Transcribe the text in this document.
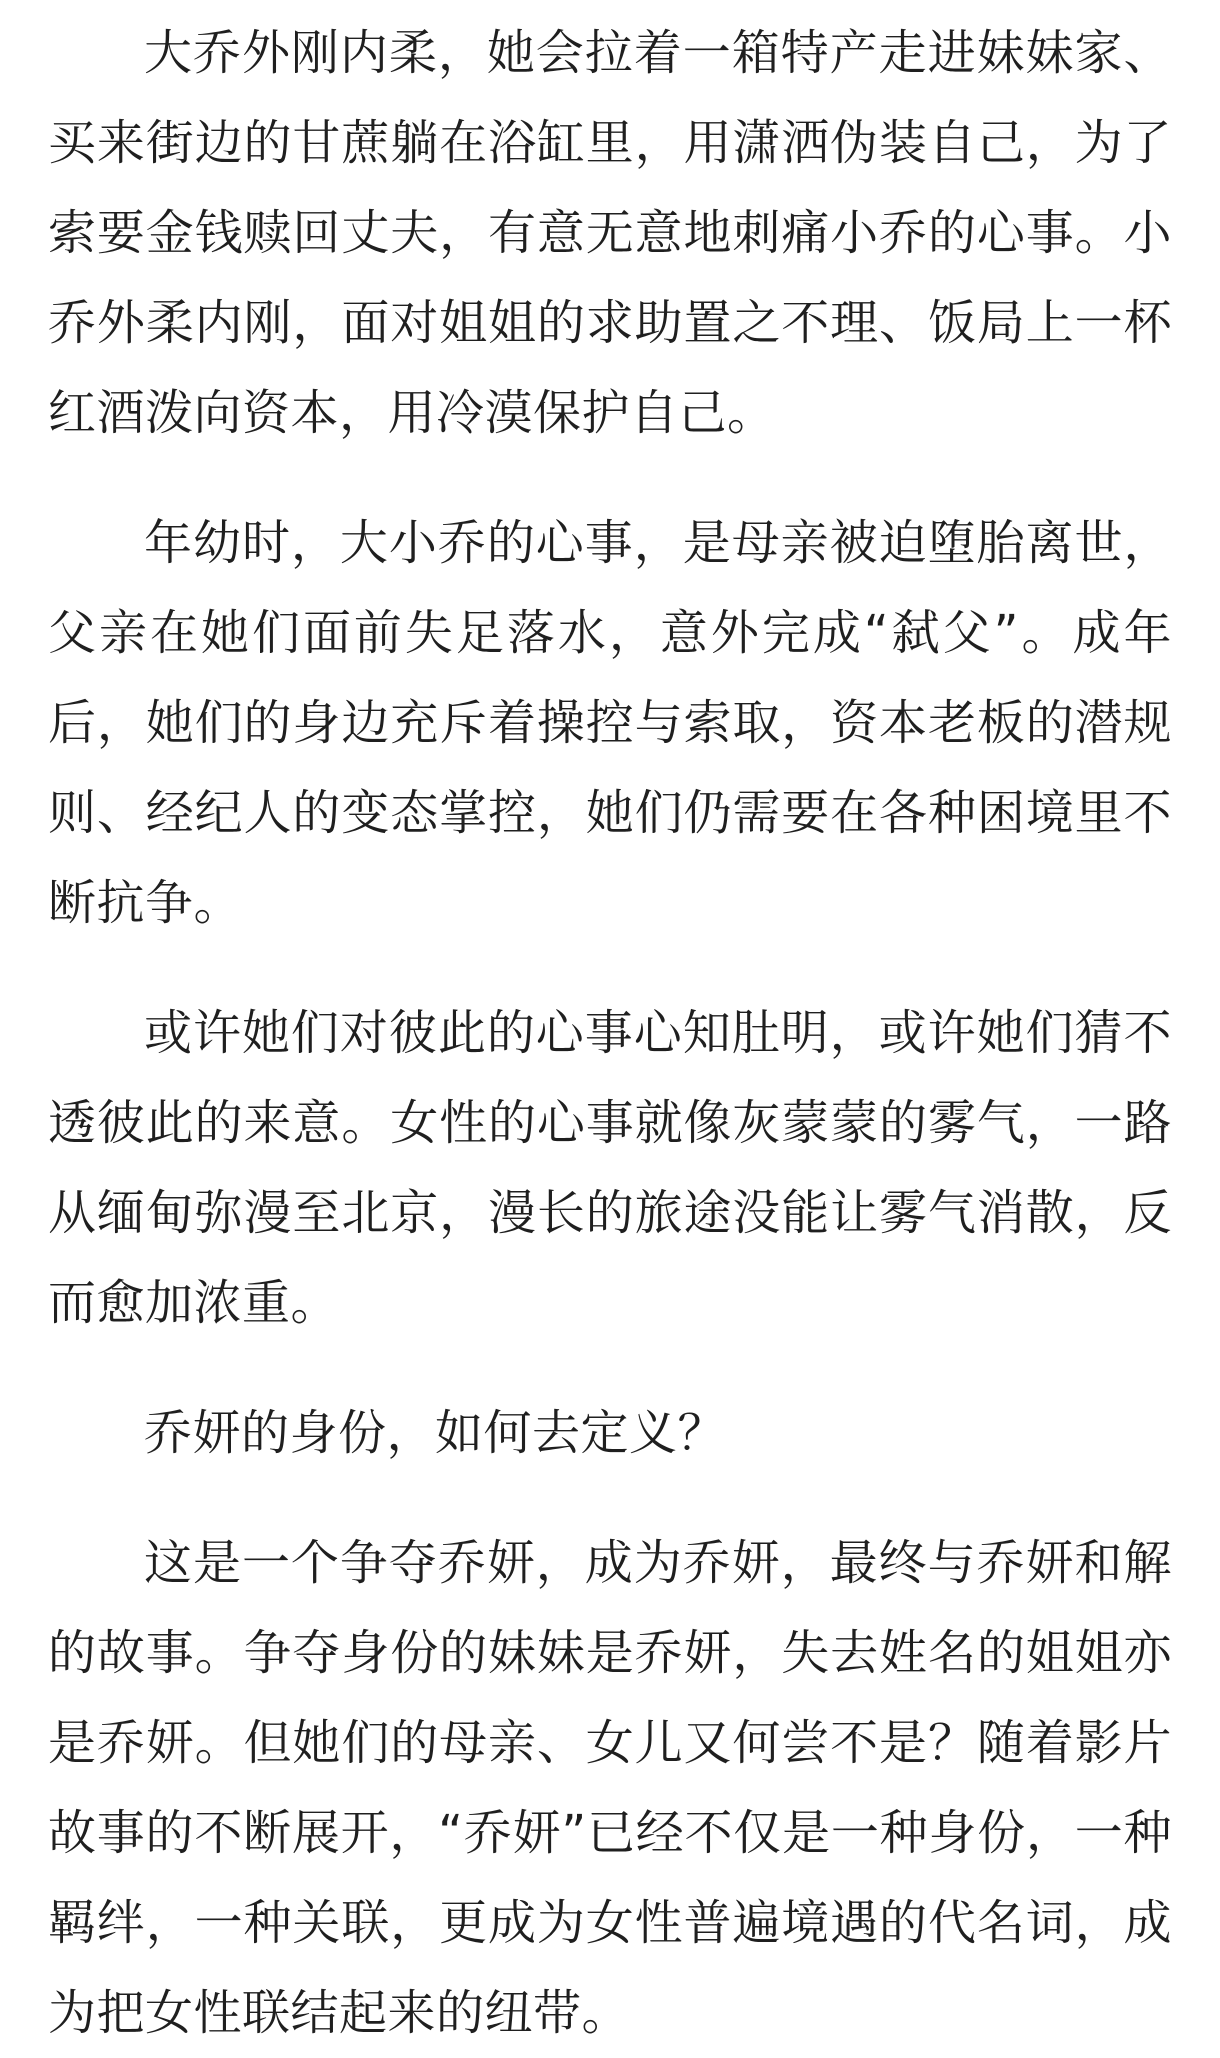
大乔外刚内柔，她会拉着一箱特产走进妹妹家、买来街边的甘蔗躺在浴缸里，用潇洒伪装自己，为了索要金钱赎回丈夫，有意无意地刺痛小乔的心事。小乔外柔内刚，面对姐姐的求助置之不理、饭局上一杯红酒泼向资本，用冷漠保护自己。

年幼时，大小乔的心事，是母亲被迫堕胎离世，父亲在她们面前失足落水，意外完成“弑父”。成年后，她们的身边充斥着操控与索取，资本老板的潜规则、经纪人的变态掌控，她们仍需要在各种困境里不断抗争。

或许她们对彼此的心事心知肚明，或许她们猜不透彼此的来意。女性的心事就像灰蒙蒙的雾气，一路从缅甸弥漫至北京，漫长的旅途没能让雾气消散，反而愈加浓重。

乔妍的身份，如何去定义？

这是一个争夺乔妍，成为乔妍，最终与乔妍和解的故事。争夺身份的妹妹是乔妍，失去姓名的姐姐亦是乔妍。但她们的母亲、女儿又何尝不是？随着影片故事的不断展开，“乔妍”已经不仅是一种身份，一种羁绊，一种关联，更成为女性普遍境遇的代名词，成为把女性联结起来的纽带。
